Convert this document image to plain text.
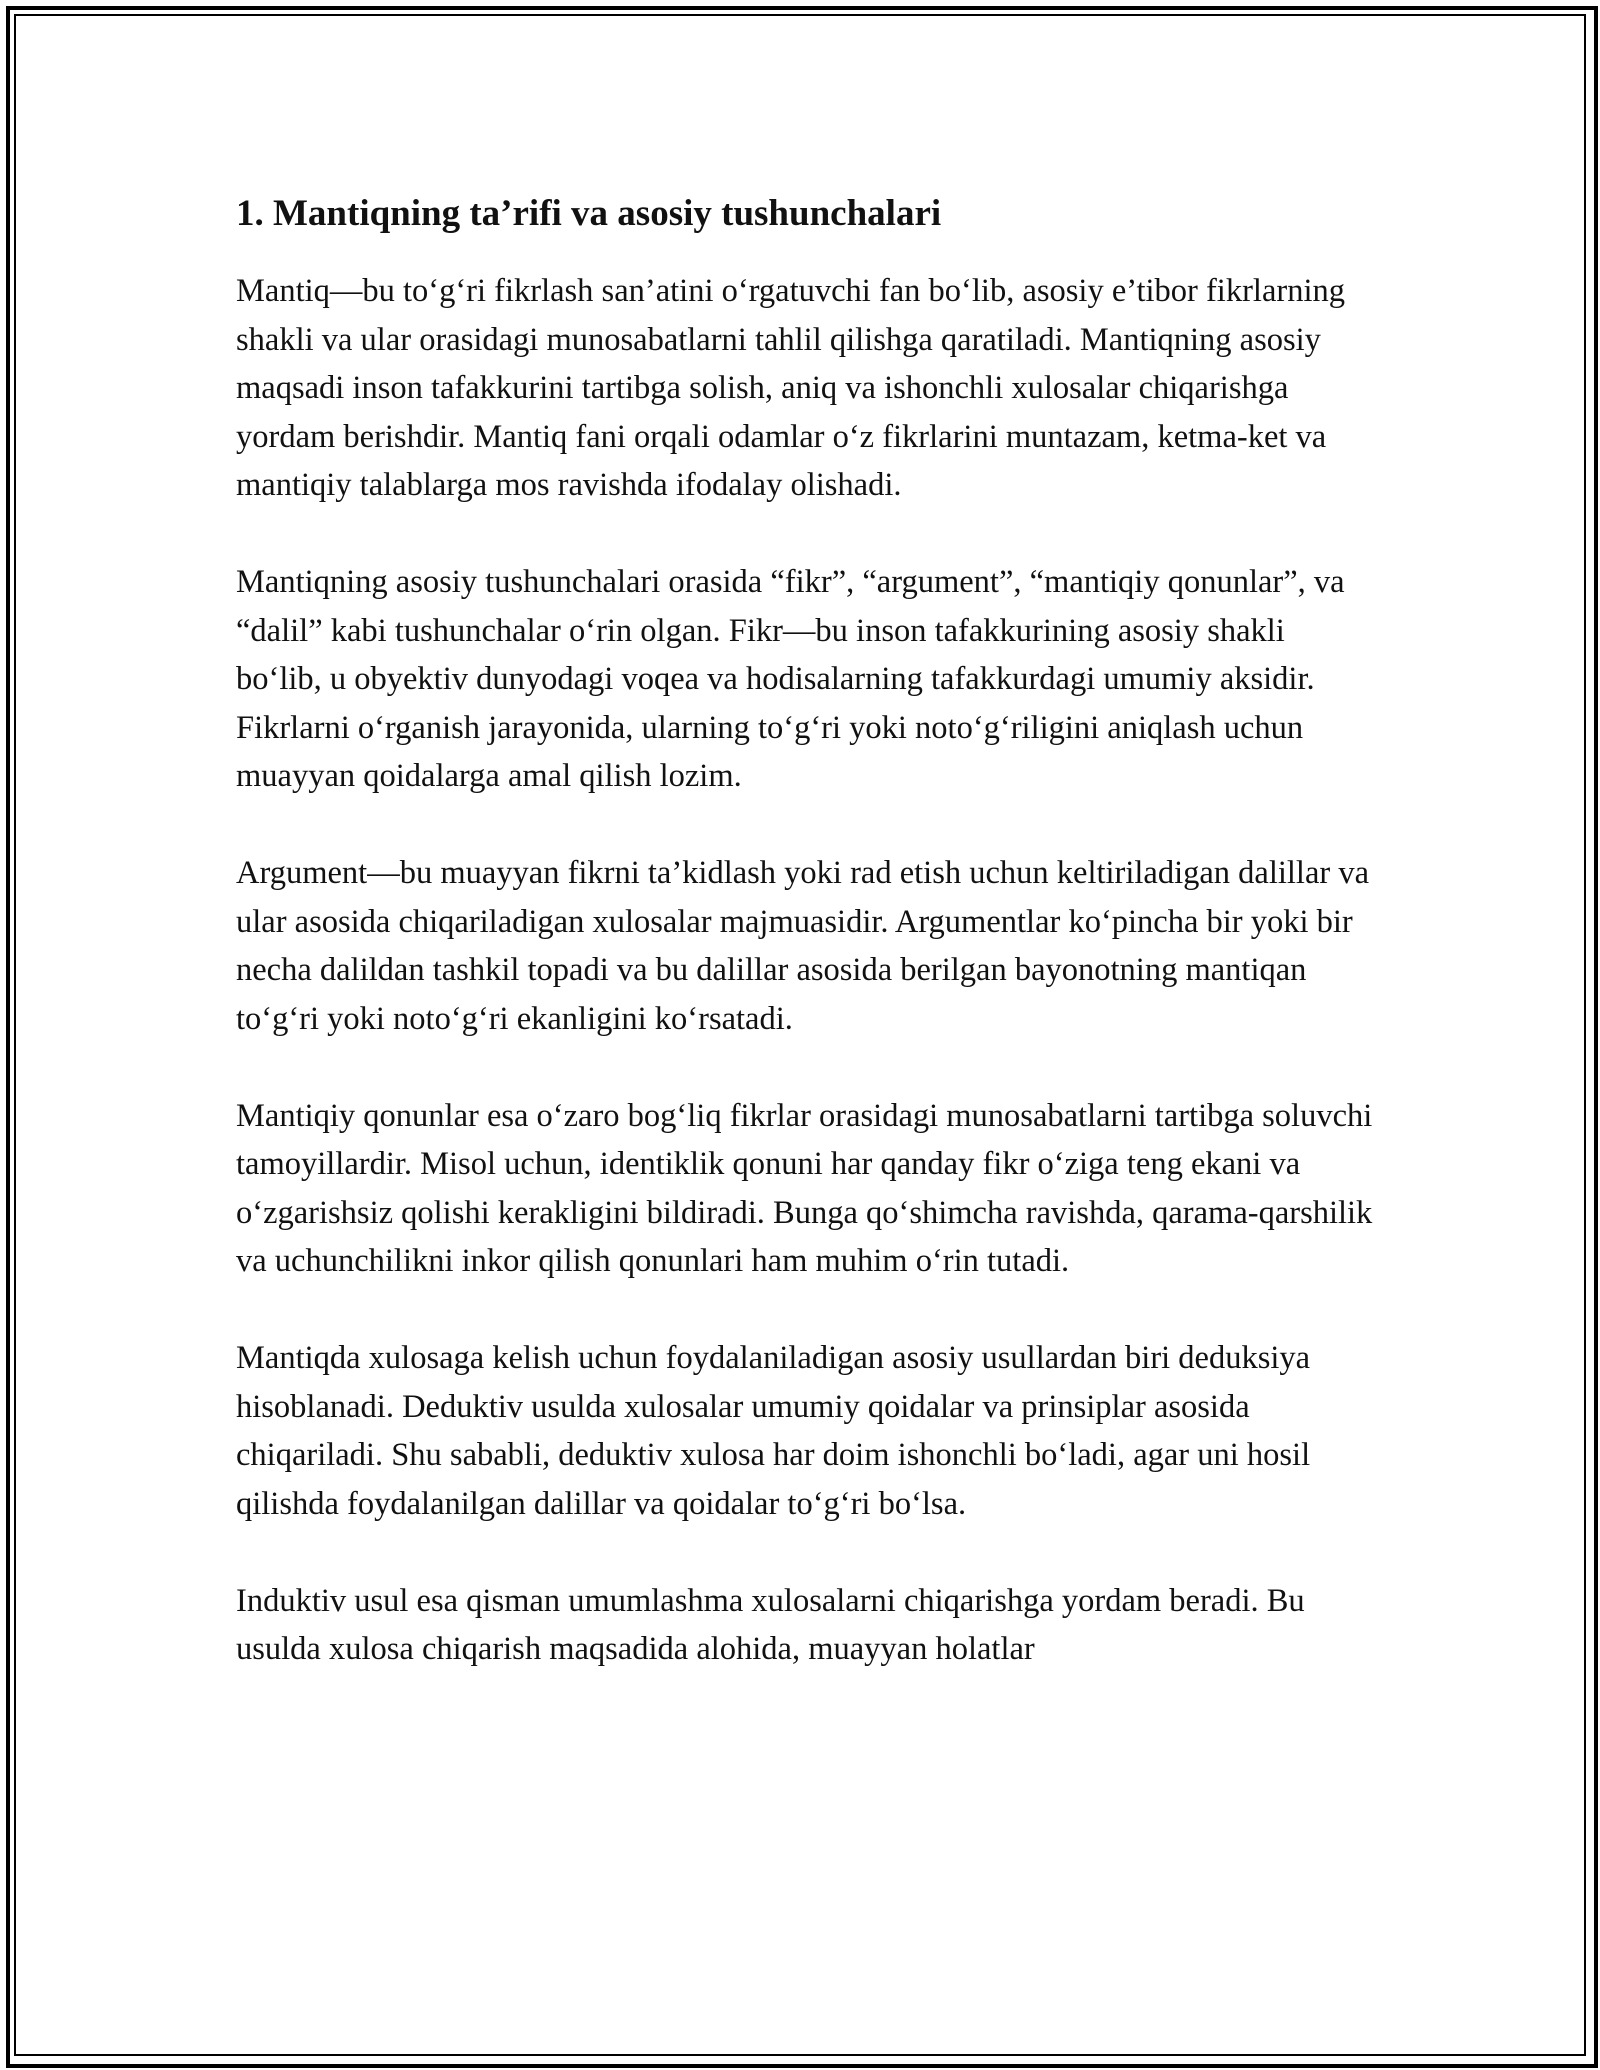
1. Mantiqning ta’rifi va asosiy tushunchalari

Mantiq—bu to‘g‘ri fikrlash san’atini o‘rgatuvchi fan bo‘lib, asosiy e’tibor fikrlarning shakli va ular orasidagi munosabatlarni tahlil qilishga qaratiladi. Mantiqning asosiy maqsadi inson tafakkurini tartibga solish, aniq va ishonchli xulosalar chiqarishga yordam berishdir. Mantiq fani orqali odamlar o‘z fikrlarini muntazam, ketma-ket va mantiqiy talablarga mos ravishda ifodalay olishadi.

Mantiqning asosiy tushunchalari orasida “fikr”, “argument”, “mantiqiy qonunlar”, va “dalil” kabi tushunchalar o‘rin olgan. Fikr—bu inson tafakkurining asosiy shakli bo‘lib, u obyektiv dunyodagi voqea va hodisalarning tafakkurdagi umumiy aksidir. Fikrlarni o‘rganish jarayonida, ularning to‘g‘ri yoki noto‘g‘riligini aniqlash uchun muayyan qoidalarga amal qilish lozim.

Argument—bu muayyan fikrni ta’kidlash yoki rad etish uchun keltiriladigan dalillar va ular asosida chiqariladigan xulosalar majmuasidir. Argumentlar ko‘pincha bir yoki bir necha dalildan tashkil topadi va bu dalillar asosida berilgan bayonotning mantiqan to‘g‘ri yoki noto‘g‘ri ekanligini ko‘rsatadi.

Mantiqiy qonunlar esa o‘zaro bog‘liq fikrlar orasidagi munosabatlarni tartibga soluvchi tamoyillardir. Misol uchun, identiklik qonuni har qanday fikr o‘ziga teng ekani va o‘zgarishsiz qolishi kerakligini bildiradi. Bunga qo‘shimcha ravishda, qarama-qarshilik va uchunchilikni inkor qilish qonunlari ham muhim o‘rin tutadi.

Mantiqda xulosaga kelish uchun foydalaniladigan asosiy usullardan biri deduksiya hisoblanadi. Deduktiv usulda xulosalar umumiy qoidalar va prinsiplar asosida chiqariladi. Shu sababli, deduktiv xulosa har doim ishonchli bo‘ladi, agar uni hosil qilishda foydalanilgan dalillar va qoidalar to‘g‘ri bo‘lsa.

Induktiv usul esa qisman umumlashma xulosalarni chiqarishga yordam beradi. Bu usulda xulosa chiqarish maqsadida alohida, muayyan holatlar
